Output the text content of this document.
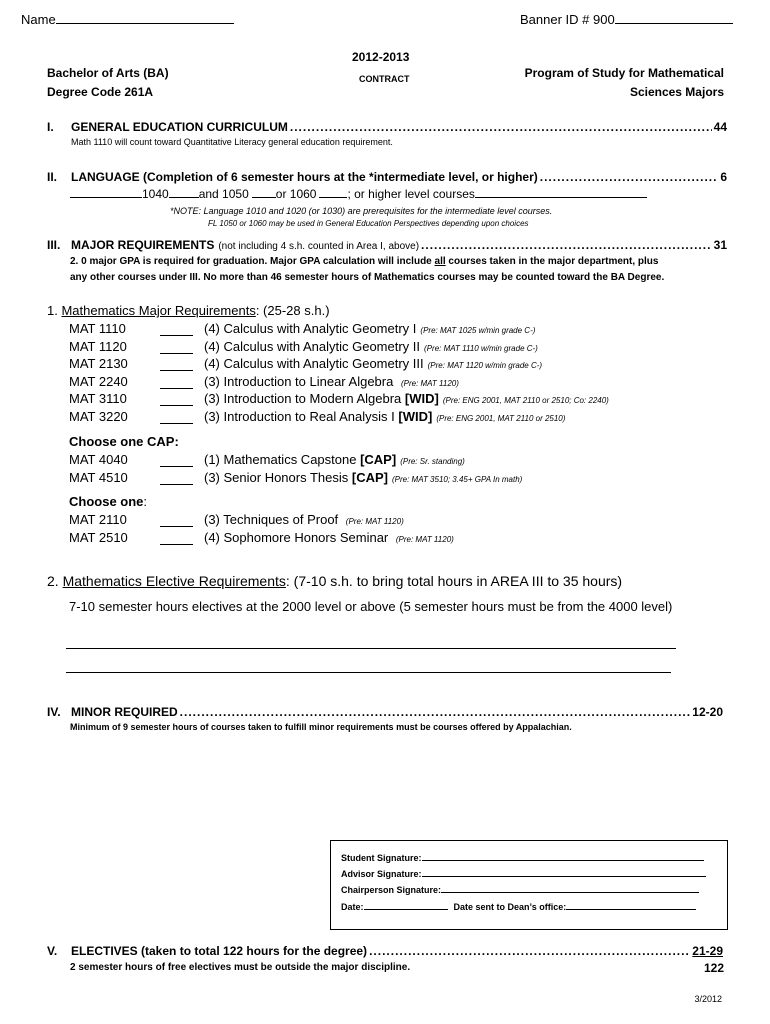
Name	Banner ID # 900
2012-2013
CONTRACT
Bachelor of Arts (BA)
Degree Code 261A
Program of Study for Mathematical
Sciences Majors
I.	GENERAL EDUCATION CURRICULUM .....	44
Math 1110 will count toward Quantitative Literacy general education requirement.
II.	LANGUAGE (Completion of 6 semester hours at the *intermediate level, or higher) .....	6
1040	and 1050 or 1060	; or higher level courses
*NOTE: Language 1010 and 1020 (or 1030) are prerequisites for the intermediate level courses.
FL 1050 or 1060 may be used in General Education Perspectives depending upon choices
III. MAJOR REQUIREMENTS (not including 4 s.h. counted in Area I, above) .....	31
2. 0 major GPA is required for graduation. Major GPA calculation will include all courses taken in the major department, plus
any other courses under III. No more than 46 semester hours of Mathematics courses may be counted toward the BA Degree.
1. Mathematics Major Requirements: (25-28 s.h.)
MAT 1110	(4) Calculus with Analytic Geometry I (Pre: MAT 1025 w/min grade C-)
MAT 1120	(4) Calculus with Analytic Geometry II (Pre: MAT 1110 w/min grade C-)
MAT 2130	(4) Calculus with Analytic Geometry III (Pre: MAT 1120 w/min grade C-)
MAT 2240	(3) Introduction to Linear Algebra (Pre: MAT 1120)
MAT 3110	(3) Introduction to Modern Algebra [WID] (Pre: ENG 2001, MAT 2110 or 2510; Co: 2240)
MAT 3220	(3) Introduction to Real Analysis I [WID] (Pre: ENG 2001, MAT 2110 or 2510)
Choose one CAP:
MAT 4040	(1) Mathematics Capstone [CAP] (Pre: Sr. standing)
MAT 4510	(3) Senior Honors Thesis [CAP] (Pre: MAT 3510; 3.45+ GPA In math)
Choose one:
MAT 2110	(3) Techniques of Proof (Pre: MAT 1120)
MAT 2510	(4) Sophomore Honors Seminar (Pre: MAT 1120)
2. Mathematics Elective Requirements: (7-10 s.h. to bring total hours in AREA III to 35 hours)
7-10 semester hours electives at the 2000 level or above (5 semester hours must be from the 4000 level)
IV. MINOR REQUIRED .....	12-20
Minimum of 9 semester hours of courses taken to fulfill minor requirements must be courses offered by Appalachian.
Student Signature:
Advisor Signature:
Chairperson Signature:
Date:	Date sent to Dean’s office:
V.	ELECTIVES (taken to total 122 hours for the degree) .....	21-29
2 semester hours of free electives must be outside the major discipline.	122
3/2012
